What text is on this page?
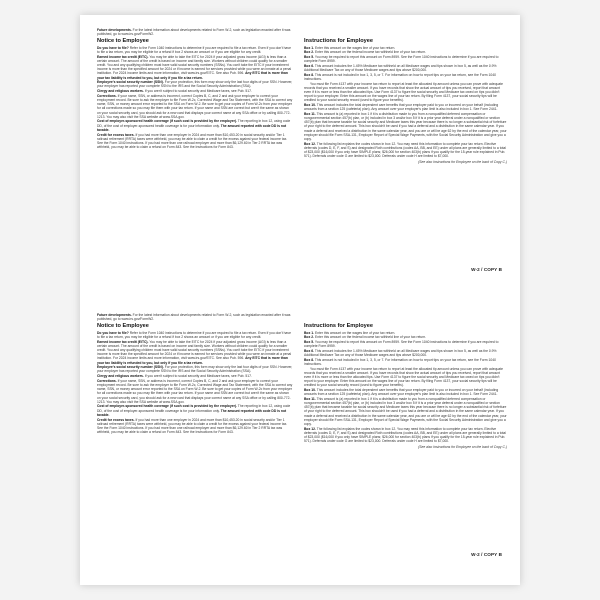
Future developments. For the latest information about developments related to Form W-2, such as legislation enacted after it was published, go to www.irs.gov/FormW2.

Notice to Employee

Do you have to file? Refer to the Form 1040 instructions to determine if you are required to file a tax return. Even if you don't have to file a tax return, you may be eligible for a refund if box 2 shows an amount or if you are eligible for any credit.

Earned income tax credit (EITC). You may be able to take the EITC for 2024 if your adjusted gross income (AGI) is less than a certain amount. The amount of the credit is based on income and family size. Workers without children could qualify for a smaller credit. You and any qualifying children must have valid social security numbers (SSNs). You can't take the EITC if your investment income is more than the specified amount for 2024 or if income is earned for services provided while you were an inmate at a penal institution. For 2024 income limits and more information, visit www.irs.gov/EITC. See also Pub. 596. Any EITC that is more than your tax liability is refunded to you, but only if you file a tax return.

Employee's social security number (SSN). For your protection, this form may show only the last four digits of your SSN. However, your employer has reported your complete SSN to the IRS and the Social Security Administration (SSA).

Clergy and religious workers. If you aren't subject to social security and Medicare taxes, see Pub. 517.

Corrections. If your name, SSN, or address is incorrect, correct Copies B, C, and 2 and ask your employer to correct your employment record. Be sure to ask the employer to file Form W-2c, Corrected Wage and Tax Statement, with the SSA to correct any name, SSN, or money amount error reported to the SSA on Form W-2. Be sure to get your copies of Form W-2c from your employer for all corrections made so you may file them with your tax return. If your name and SSN are correct but aren't the same as shown on your social security card, you should ask for a new card that displays your correct name at any SSA office or by calling 800-772-1213. You may also visit the SSA website at www.SSA.gov.

Cost of employer-sponsored health coverage (if such cost is provided by the employer). The reporting in box 12, using code DD, of the cost of employer-sponsored health coverage is for your information only. The amount reported with code DD is not taxable.

Credit for excess taxes. If you had more than one employer in 2024 and more than $10,453.20 in social security and/or Tier 1 railroad retirement (RRTA) taxes were withheld, you may be able to claim a credit for the excess against your federal income tax. See the Form 1040 instructions. If you had more than one railroad employer and more than $6,129.60 in Tier 2 RRTA tax was withheld, you may be able to claim a refund on Form 843. See the Instructions for Form 843.

Instructions for Employee

Box 1. Enter this amount on the wages line of your tax return.

Box 2. Enter this amount on the federal income tax withheld line of your tax return.

Box 5. You may be required to report this amount on Form 8959. See the Form 1040 instructions to determine if you are required to complete Form 8959.

Box 6. This amount includes the 1.45% Medicare tax withheld on all Medicare wages and tips shown in box 5, as well as the 0.9% Additional Medicare Tax on any of those Medicare wages and tips above $200,000.

Box 8. This amount is not included in box 1, 3, 5, or 7. For information on how to report tips on your tax return, see the Form 1040 instructions.

You must file Form 4137 with your income tax return to report at least the allocated tip amount unless you can prove with adequate records that you received a smaller amount. If you have records that show the actual amount of tips you received, report that amount even if it is more or less than the allocated tips. Use Form 4137 to figure the social security and Medicare tax owed on tips you didn't report to your employer. Enter this amount on the wages line of your tax return. By filing Form 4137, your social security tips will be credited to your social security record (used to figure your benefits).

Box 10. This amount includes the total dependent care benefits that your employer paid to you or incurred on your behalf (including amounts from a section 125 (cafeteria) plan). Any amount over your employer's plan limit is also included in box 1. See Form 2441.

Box 11. This amount is (a) reported in box 1 if it is a distribution made to you from a nonqualified deferred compensation or nongovernmental section 457(b) plan, or (b) included in box 3 and/or box 5 if it is a prior year deferral under a nonqualified or section 457(b) plan that became taxable for social security and Medicare taxes this year because there is no longer a substantial risk of forfeiture of your right to the deferred amount. This box shouldn't be used if you had a deferral and a distribution in the same calendar year. If you made a deferral and received a distribution in the same calendar year, and you are or will be age 62 by the end of the calendar year, your employer should file Form SSA-131, Employer Report of Special Wage Payments, with the Social Security Administration and give you a copy.

Box 12. The following list explains the codes shown in box 12. You may need this information to complete your tax return. Elective deferrals (codes D, E, F, and S) and designated Roth contributions (codes AA, BB, and EE) under all plans are generally limited to a total of $23,000 ($16,000 if you only have SIMPLE plans; $26,000 for section 403(b) plans if you qualify for the 15-year rule explained in Pub. 571). Deferrals under code G are limited to $23,000. Deferrals under code H are limited to $7,000.

(See also Instructions for Employee on the back of Copy C.)

W-2 / COPY B

Future developments. For the latest information about developments related to Form W-2, such as legislation enacted after it was published, go to www.irs.gov/FormW2.

Notice to Employee

Do you have to file? Refer to the Form 1040 instructions to determine if you are required to file a tax return. Even if you don't have to file a tax return, you may be eligible for a refund if box 2 shows an amount or if you are eligible for any credit.

Earned income tax credit (EITC). You may be able to take the EITC for 2024 if your adjusted gross income (AGI) is less than a certain amount. The amount of the credit is based on income and family size. Workers without children could qualify for a smaller credit. You and any qualifying children must have valid social security numbers (SSNs). You can't take the EITC if your investment income is more than the specified amount for 2024 or if income is earned for services provided while you were an inmate at a penal institution. For 2024 income limits and more information, visit www.irs.gov/EITC. See also Pub. 596. Any EITC that is more than your tax liability is refunded to you, but only if you file a tax return.

Employee's social security number (SSN). For your protection, this form may show only the last four digits of your SSN. However, your employer has reported your complete SSN to the IRS and the Social Security Administration (SSA).

Clergy and religious workers. If you aren't subject to social security and Medicare taxes, see Pub. 517.

Corrections. If your name, SSN, or address is incorrect, correct Copies B, C, and 2 and ask your employer to correct your employment record. Be sure to ask the employer to file Form W-2c, Corrected Wage and Tax Statement, with the SSA to correct any name, SSN, or money amount error reported to the SSA on Form W-2. Be sure to get your copies of Form W-2c from your employer for all corrections made so you may file them with your tax return. If your name and SSN are correct but aren't the same as shown on your social security card, you should ask for a new card that displays your correct name at any SSA office or by calling 800-772-1213. You may also visit the SSA website at www.SSA.gov.

Cost of employer-sponsored health coverage (if such cost is provided by the employer). The reporting in box 12, using code DD, of the cost of employer-sponsored health coverage is for your information only. The amount reported with code DD is not taxable.

Credit for excess taxes. If you had more than one employer in 2024 and more than $10,453.20 in social security and/or Tier 1 railroad retirement (RRTA) taxes were withheld, you may be able to claim a credit for the excess against your federal income tax. See the Form 1040 instructions. If you had more than one railroad employer and more than $6,129.60 in Tier 2 RRTA tax was withheld, you may be able to claim a refund on Form 843. See the Instructions for Form 843.

Instructions for Employee

Box 1. Enter this amount on the wages line of your tax return.

Box 2. Enter this amount on the federal income tax withheld line of your tax return.

Box 5. You may be required to report this amount on Form 8959. See the Form 1040 instructions to determine if you are required to complete Form 8959.

Box 6. This amount includes the 1.45% Medicare tax withheld on all Medicare wages and tips shown in box 5, as well as the 0.9% Additional Medicare Tax on any of those Medicare wages and tips above $200,000.

Box 8. This amount is not included in box 1, 3, 5, or 7. For information on how to report tips on your tax return, see the Form 1040 instructions.

You must file Form 4137 with your income tax return to report at least the allocated tip amount unless you can prove with adequate records that you received a smaller amount. If you have records that show the actual amount of tips you received, report that amount even if it is more or less than the allocated tips. Use Form 4137 to figure the social security and Medicare tax owed on tips you didn't report to your employer. Enter this amount on the wages line of your tax return. By filing Form 4137, your social security tips will be credited to your social security record (used to figure your benefits).

Box 10. This amount includes the total dependent care benefits that your employer paid to you or incurred on your behalf (including amounts from a section 125 (cafeteria) plan). Any amount over your employer's plan limit is also included in box 1. See Form 2441.

Box 11. This amount is (a) reported in box 1 if it is a distribution made to you from a nonqualified deferred compensation or nongovernmental section 457(b) plan, or (b) included in box 3 and/or box 5 if it is a prior year deferral under a nonqualified or section 457(b) plan that became taxable for social security and Medicare taxes this year because there is no longer a substantial risk of forfeiture of your right to the deferred amount. This box shouldn't be used if you had a deferral and a distribution in the same calendar year. If you made a deferral and received a distribution in the same calendar year, and you are or will be age 62 by the end of the calendar year, your employer should file Form SSA-131, Employer Report of Special Wage Payments, with the Social Security Administration and give you a copy.

Box 12. The following list explains the codes shown in box 12. You may need this information to complete your tax return. Elective deferrals (codes D, E, F, and S) and designated Roth contributions (codes AA, BB, and EE) under all plans are generally limited to a total of $23,000 ($16,000 if you only have SIMPLE plans; $26,000 for section 403(b) plans if you qualify for the 15-year rule explained in Pub. 571). Deferrals under code G are limited to $23,000. Deferrals under code H are limited to $7,000.

(See also Instructions for Employee on the back of Copy C.)

W-2 / COPY B
